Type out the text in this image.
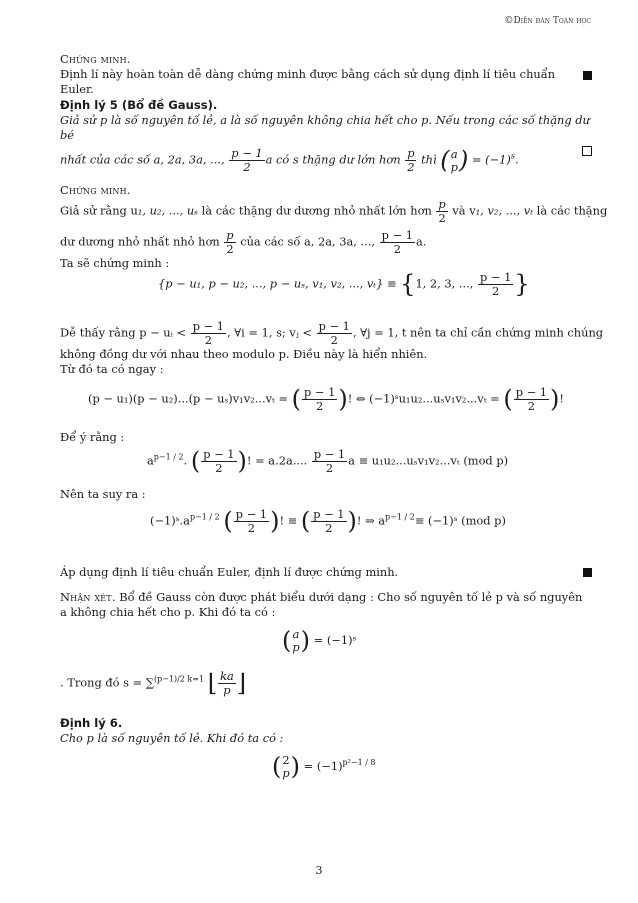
©Diễn đàn Toán học
Chứng minh.
Định lí này hoàn toàn dễ dàng chứng minh được bằng cách sử dụng định lí tiêu chuẩn Euler.
Định lý 5 (Bổ đề Gauss).
Giả sử p là số nguyên tố lẻ, a là số nguyên không chia hết cho p. Nếu trong các số thặng dư bé
nhất của các số a, 2a, 3a, ..., $\frac{p - 1}{2}$ a có s thặng dư lớn hơn $\frac{p}{2}$ thì ( a
p ) = $(-1)^s$.
Chứng minh.
Giả sử rằng u₁, u₂, ..., uₛ là các thặng dư dương nhỏ nhất lớn hơn $\frac{p}{2}$ và v₁, v₂, ..., vₜ là các thặng
dư dương nhỏ nhất nhỏ hơn $\frac{p}{2}$ của các số a, 2a, 3a, ..., $\frac{p - 1}{2} a$.
Ta sẽ chứng minh :
{p − u₁, p − u₂, ..., p − uₛ, v₁, v₂, ..., vₜ} ≡ {1, 2, 3, ..., $\frac{p - 1}{2}$ }
Dễ thấy rằng p − uᵢ < $\frac{p - 1}{2}$ , ∀i = 1, s; vⱼ < $\frac{p - 1}{2}$ , ∀j = 1, t nên ta chỉ cần chứng minh chúng
không đồng dư với nhau theo modulo p. Điều này là hiển nhiên.
Từ đó ta có ngay :
(p − u₁)(p − u₂)...(p − uₛ)v₁v₂...vₜ = ( $\frac{p - 1}{2}$ )! ⇔ (−1)ˢu₁u₂...uₛv₁v₂...vₜ = ( $\frac{p - 1}{2}$ )!
Để ý rằng :
$a^{p-1 / 2}$. ( $\frac{p - 1}{2}$ )! = a.2a.... $\frac{p - 1}{2}$ a ≡ u₁u₂...uₛv₁v₂...vₜ (mod p)
Nên ta suy ra :
$(-1)ˢ.a^{p-1 / 2}$ ( $\frac{p - 1}{2}$ )! ≡ ( $\frac{p - 1}{2}$ )! ⇒ $a^{p-1 / 2}\equiv$ (−1)ˢ (mod p)
Áp dụng định lí tiêu chuẩn Euler, định lí được chứng minh.
Nhận xét. Bổ đề Gauss còn được phát biểu dưới dạng : Cho số nguyên tố lẻ p và số nguyên
a không chia hết cho p. Khi đó ta có :
( a
p ) = (−1)ˢ
. Trong đó s = ∑$^{(p-1)/2 k=1}$ ⌊ $\frac{ka}{p}$ ⌋
Định lý 6.
Cho p là số nguyên tố lẻ. Khi đó ta có :
( 2
p ) = $(-1)^{p^2-1 / 8}$
3
